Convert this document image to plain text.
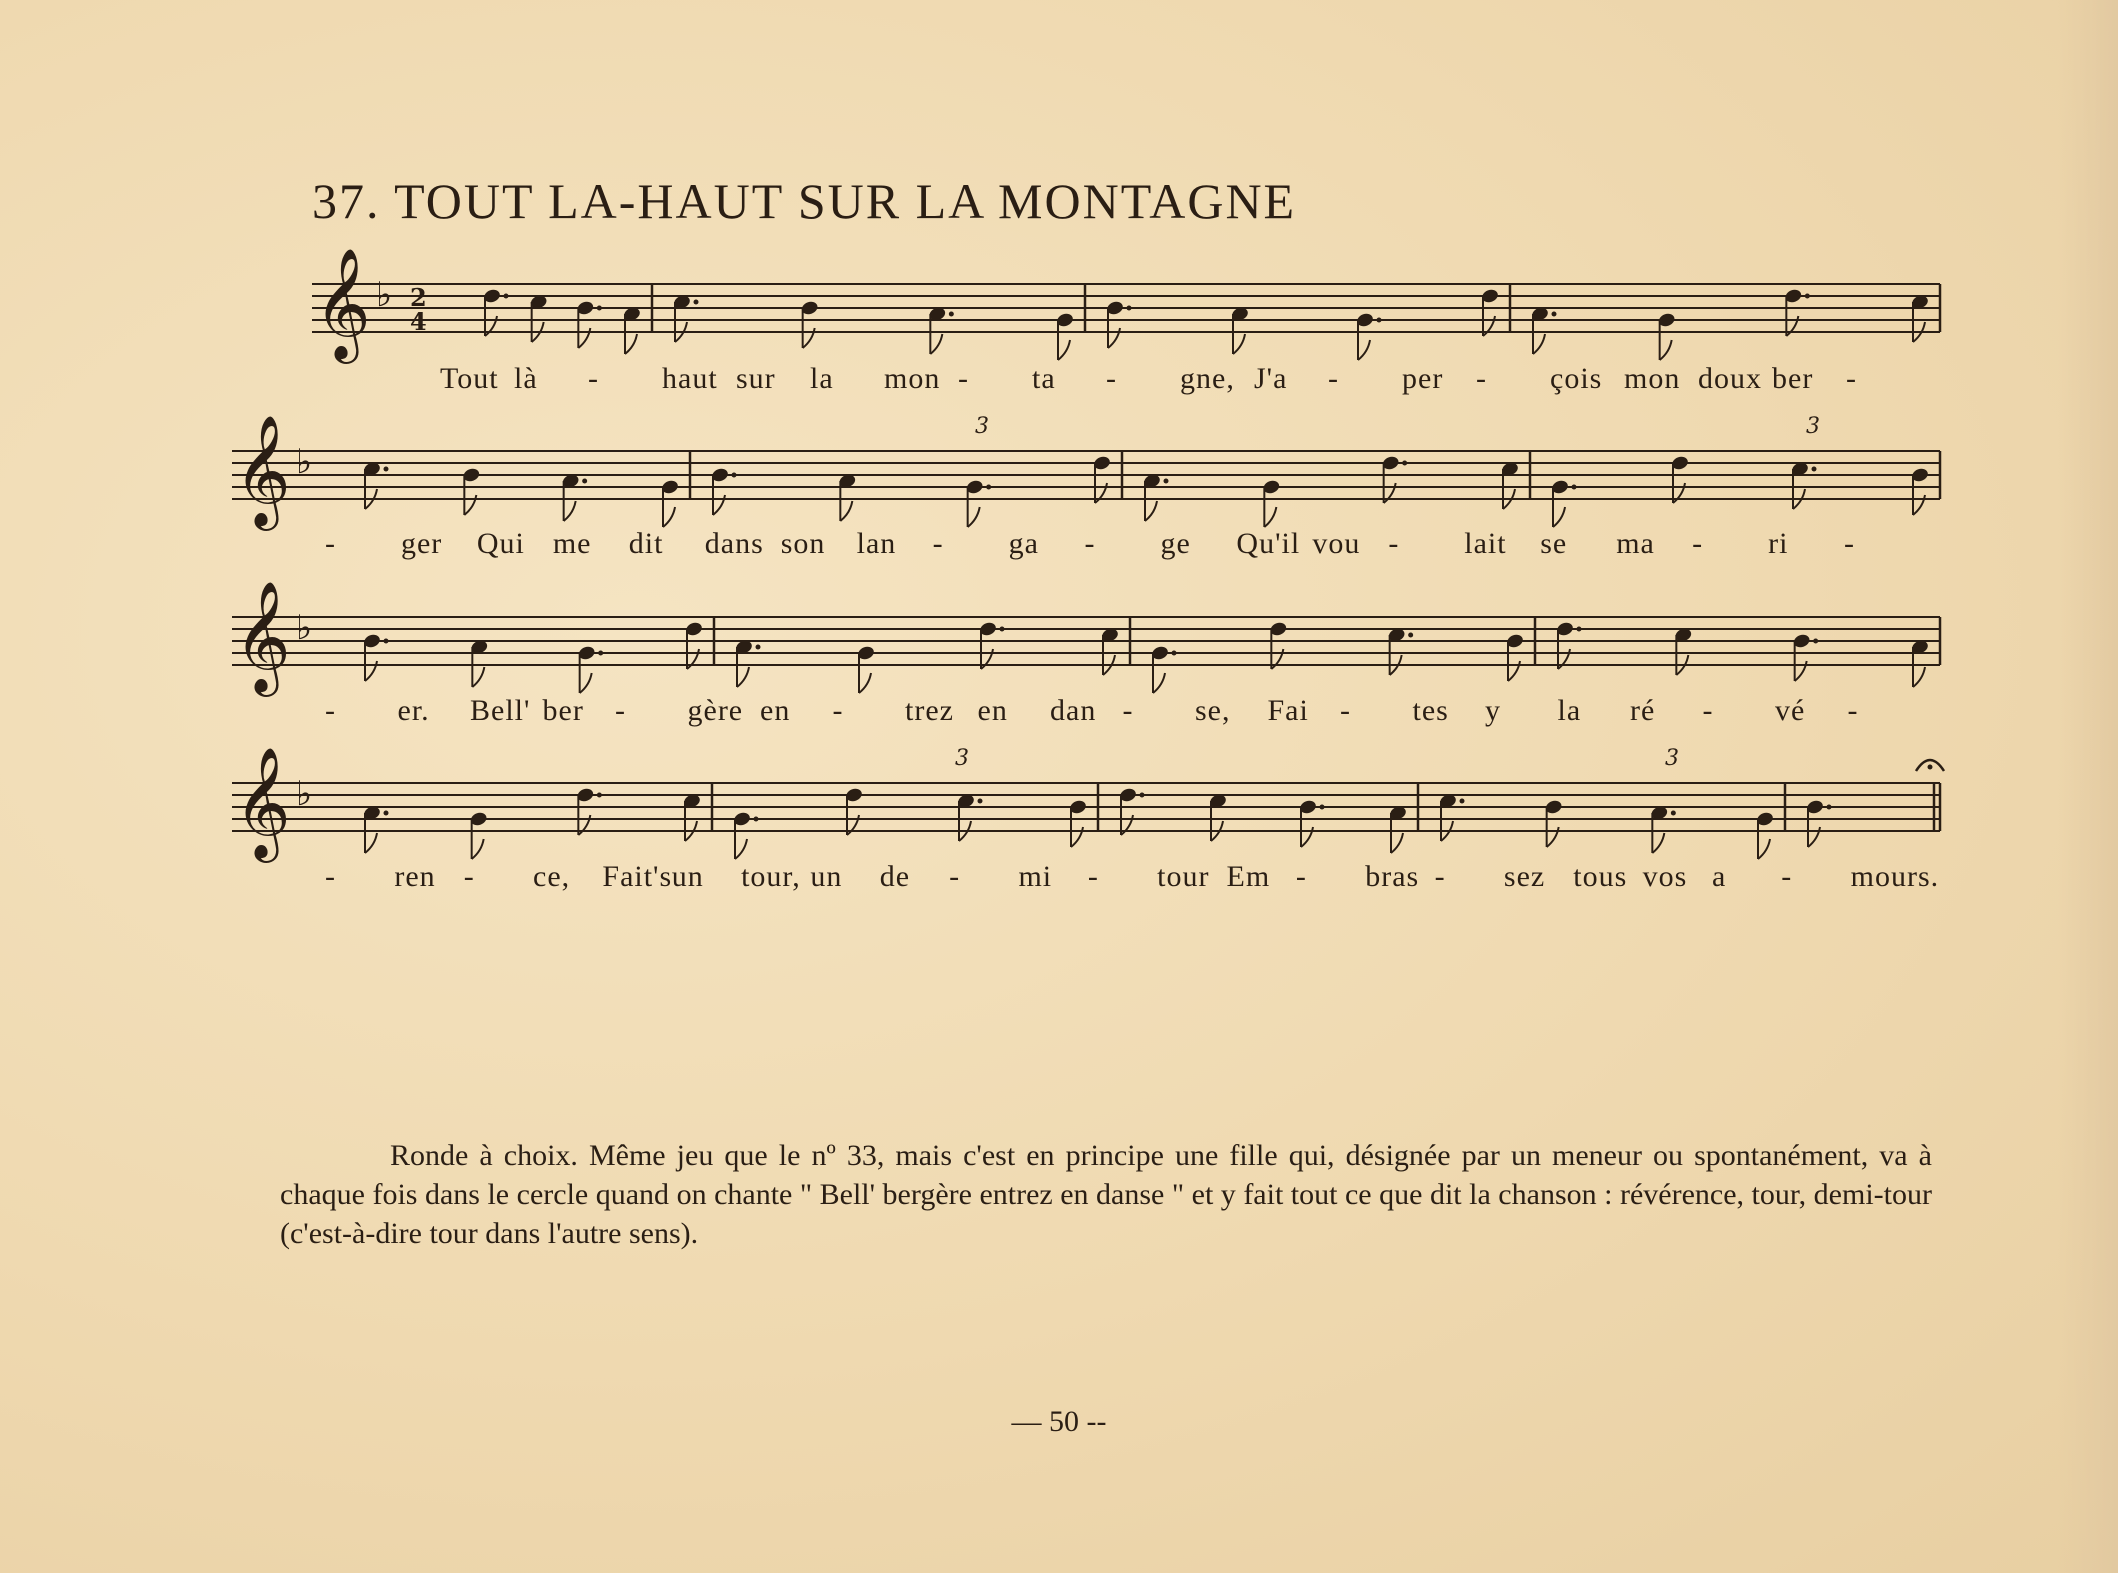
37. TOUT LA-HAUT SUR LA MONTAGNE
𝄞 ♭ 2
4
𝄞 ♭
3	3
𝄞 ♭
𝄞 ♭
3	3
Tout là - haut sur la mon - ta - gne, J'a - per - çois mon doux ber -
- ger Qui me dit dans son lan - ga - ge Qu'il vou - lait se ma - ri -
- er. Bell' ber - gère en - trez en dan - se, Fai - tes y la ré - vé -
- ren - ce, Fait's un tour, un de - mi - tour Em - bras - sez tous vos a - mours.

Ronde à choix. Même jeu que le nº 33, mais c'est en principe une fille qui, désignée par un meneur ou spontanément, va à chaque fois dans le cercle quand on chante " Bell' bergère entrez en danse " et y fait tout ce que dit la chanson : révérence, tour, demi-tour (c'est-à-dire tour dans l'autre sens).

— 50 --
